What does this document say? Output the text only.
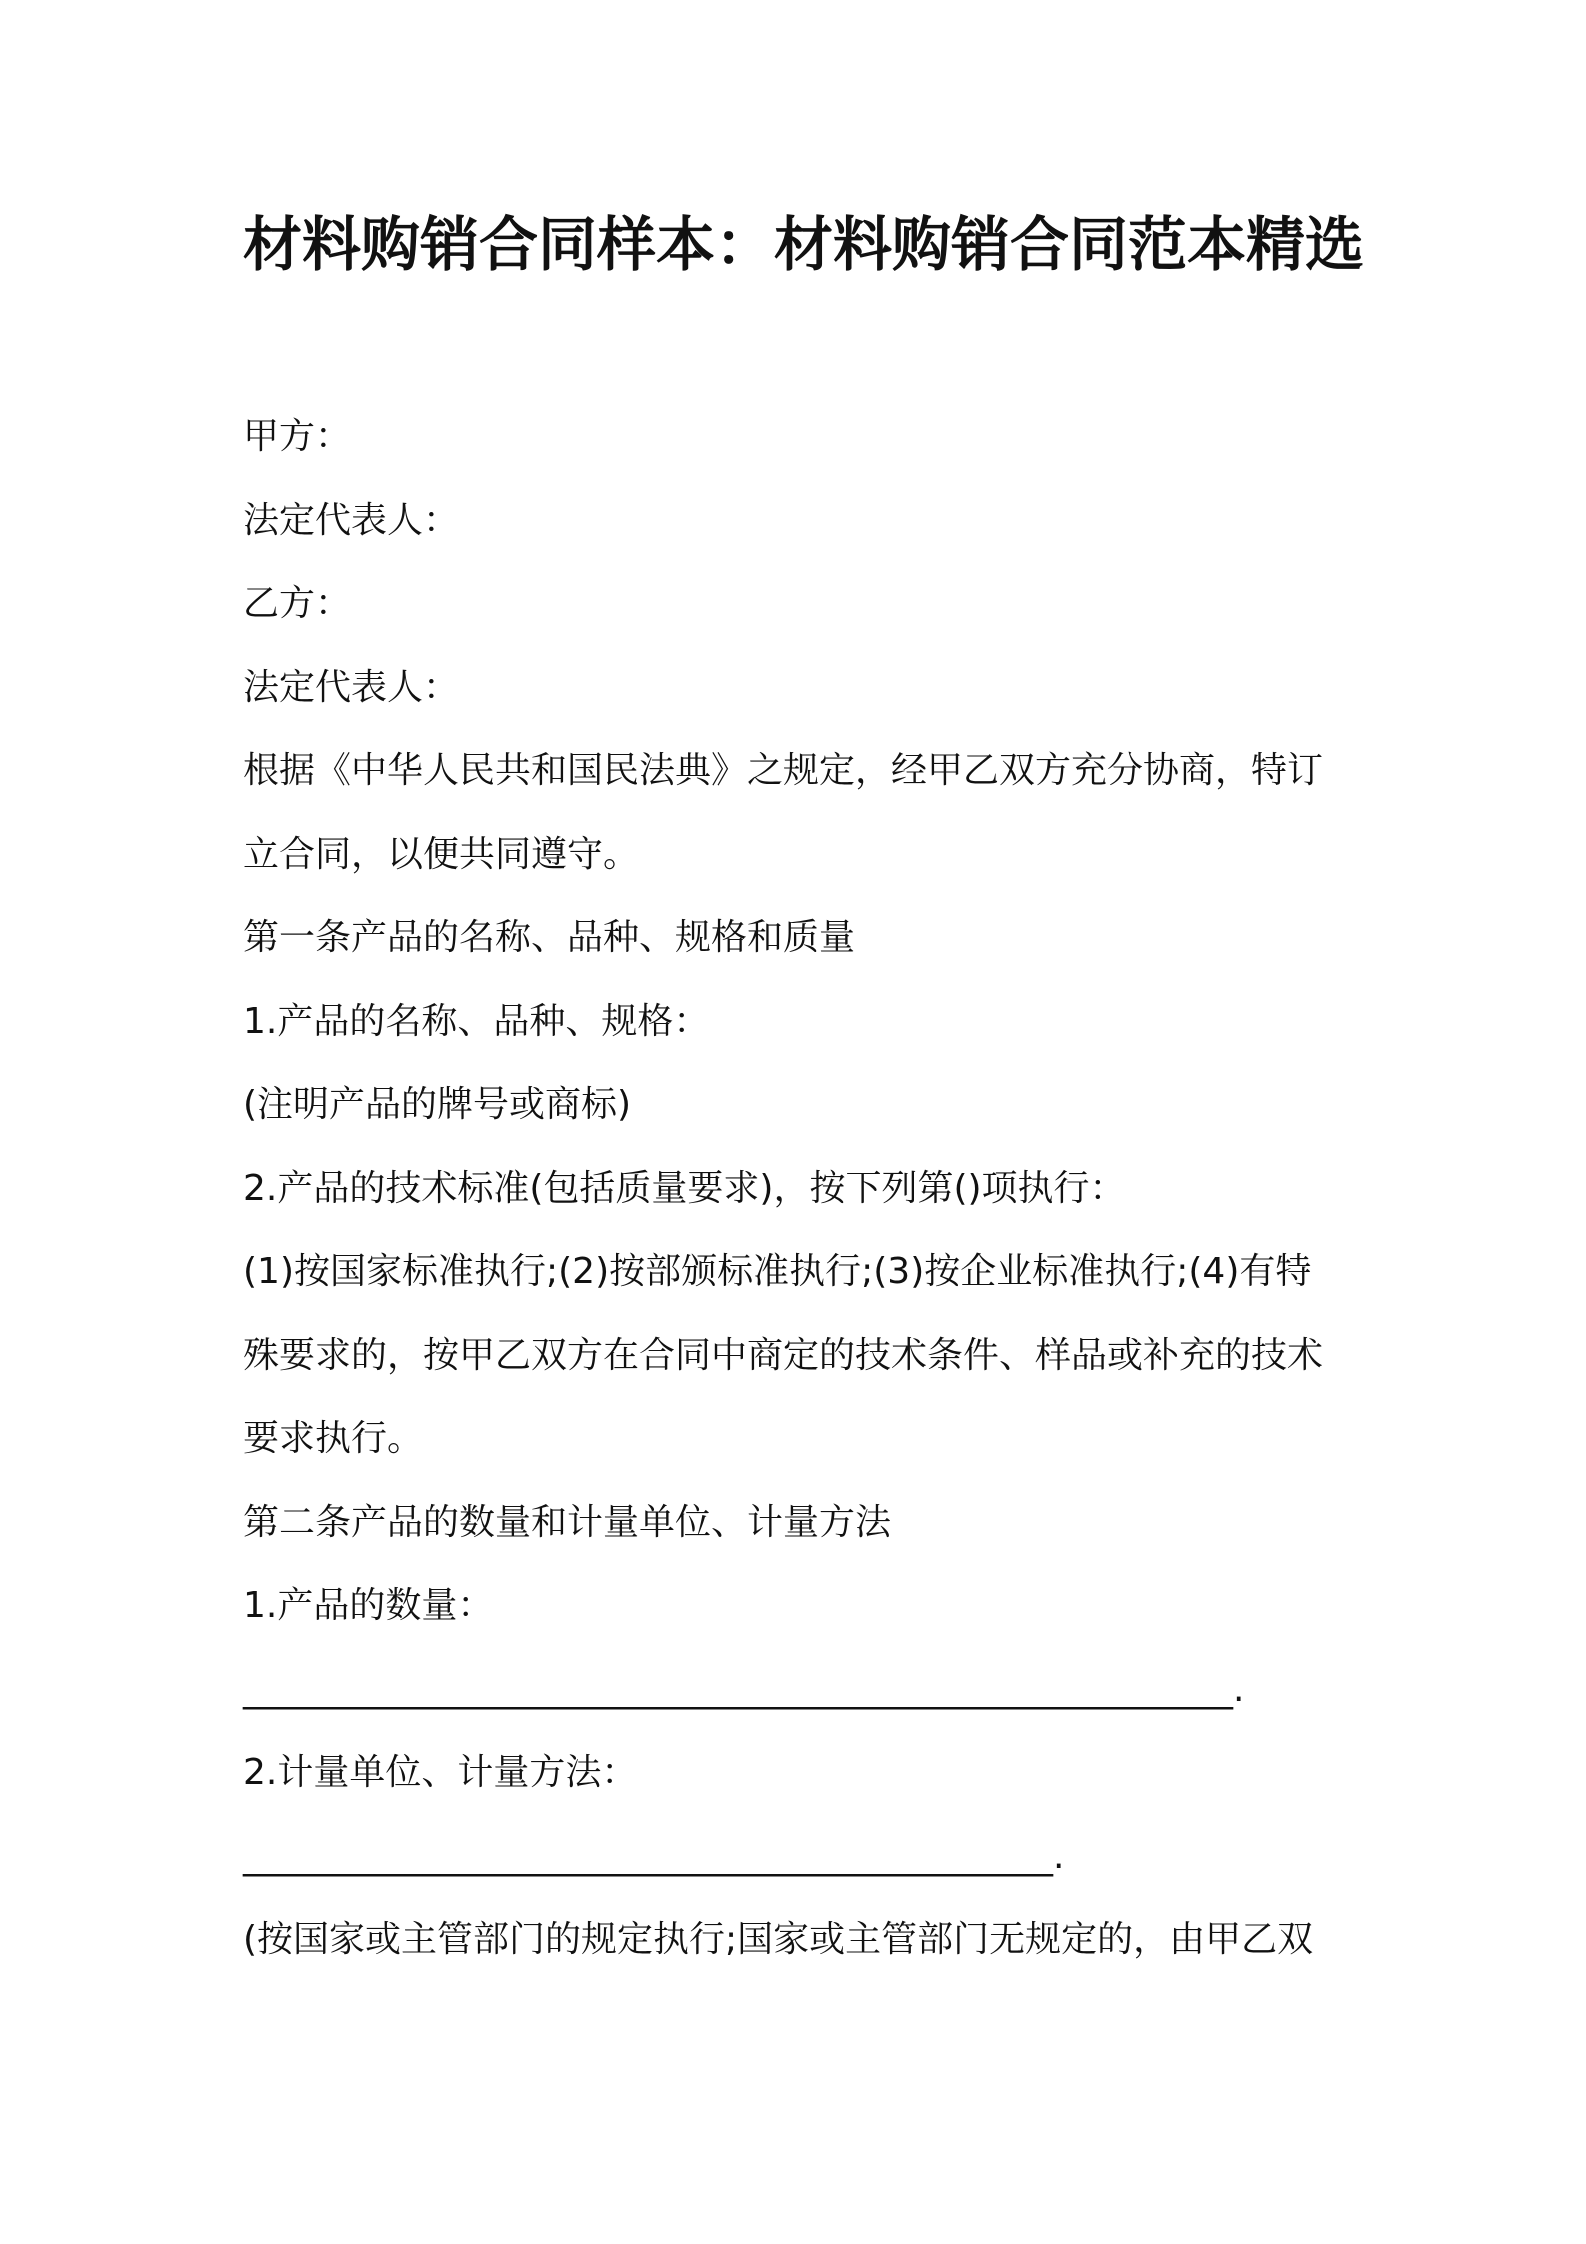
材料购销合同样本：材料购销合同范本精选
甲方：
法定代表人：
乙方：
法定代表人：
根据《中华人民共和国民法典》之规定，经甲乙双方充分协商，特订
立合同，以便共同遵守。
第一条产品的名称、品种、规格和质量
1.产品的名称、品种、规格：
(注明产品的牌号或商标)
2.产品的技术标准(包括质量要求)，按下列第()项执行：
(1)按国家标准执行;(2)按部颁标准执行;(3)按企业标准执行;(4)有特
殊要求的，按甲乙双方在合同中商定的技术条件、样品或补充的技术
要求执行。
第二条产品的数量和计量单位、计量方法
1.产品的数量：
_______________________________________________________.
2.计量单位、计量方法：
_____________________________________________.
(按国家或主管部门的规定执行;国家或主管部门无规定的，由甲乙双
